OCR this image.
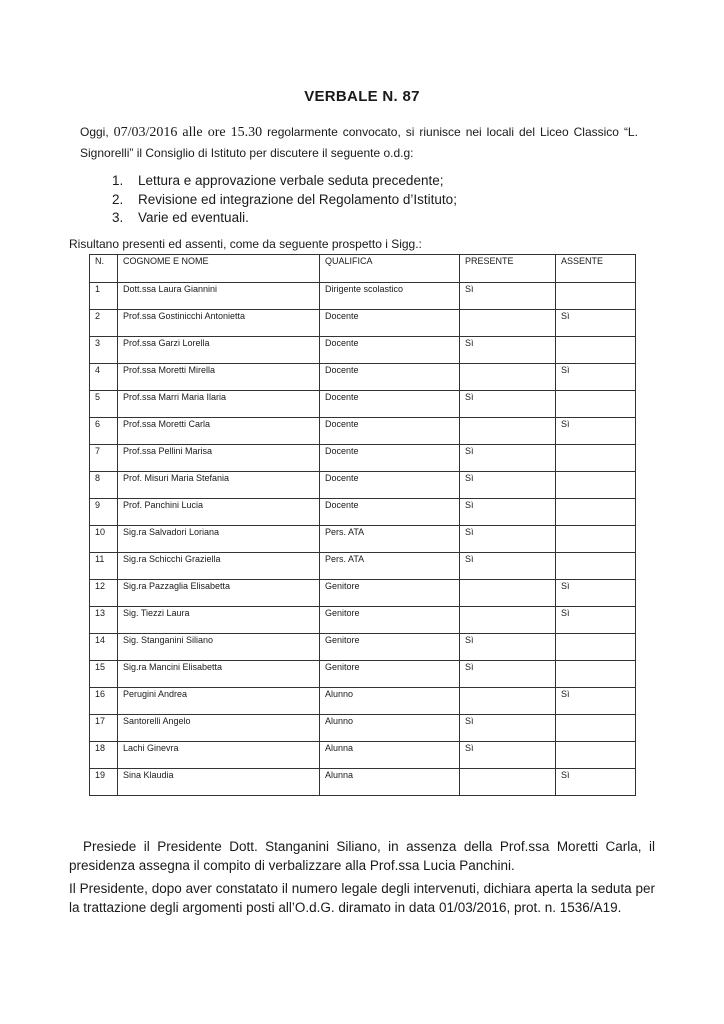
VERBALE N. 87
Oggi, 07/03/2016 alle ore 15.30 regolarmente convocato, si riunisce nei locali del Liceo Classico “L. Signorelli” il Consiglio di Istituto per discutere il seguente o.d.g:
1.	Lettura e approvazione verbale seduta precedente;
2.	Revisione ed integrazione del Regolamento d’Istituto;
3.	Varie ed eventuali.
Risultano presenti ed assenti, come da seguente prospetto i Sigg.:
N.	COGNOME E NOME	QUALIFICA	PRESENTE	ASSENTE
1	Dott.ssa Laura Giannini	Dirigente scolastico	Sì	
2	Prof.ssa Gostinicchi Antonietta	Docente		Sì
3	Prof.ssa Garzi Lorella	Docente	Sì	
4	Prof.ssa Moretti Mirella	Docente		Sì
5	Prof.ssa Marri Maria Ilaria	Docente	Sì	
6	Prof.ssa Moretti Carla	Docente		Sì
7	Prof.ssa Pellini Marisa	Docente	Sì	
8	Prof. Misuri Maria Stefania	Docente	Sì	
9	Prof. Panchini Lucia	Docente	Sì	
10	Sig.ra Salvadori Loriana	Pers. ATA	Sì	
11	Sig.ra Schicchi Graziella	Pers. ATA	Sì	
12	Sig.ra Pazzaglia Elisabetta	Genitore		Sì
13	Sig. Tiezzi Laura	Genitore		Sì
14	Sig. Stanganini Siliano	Genitore	Sì	
15	Sig.ra Mancini Elisabetta	Genitore	Sì	
16	Perugini Andrea	Alunno		Sì
17	Santorelli Angelo	Alunno	Sì	
18	Lachi Ginevra	Alunna	Sì	
19	Sina Klaudia	Alunna		Sì
Presiede il Presidente Dott. Stanganini Siliano, in assenza della Prof.ssa Moretti Carla, il presidenza assegna il compito di verbalizzare alla Prof.ssa Lucia Panchini.
Il Presidente, dopo aver constatato il numero legale degli intervenuti, dichiara aperta la seduta per la trattazione degli argomenti posti all’O.d.G. diramato in data 01/03/2016, prot. n. 1536/A19.
